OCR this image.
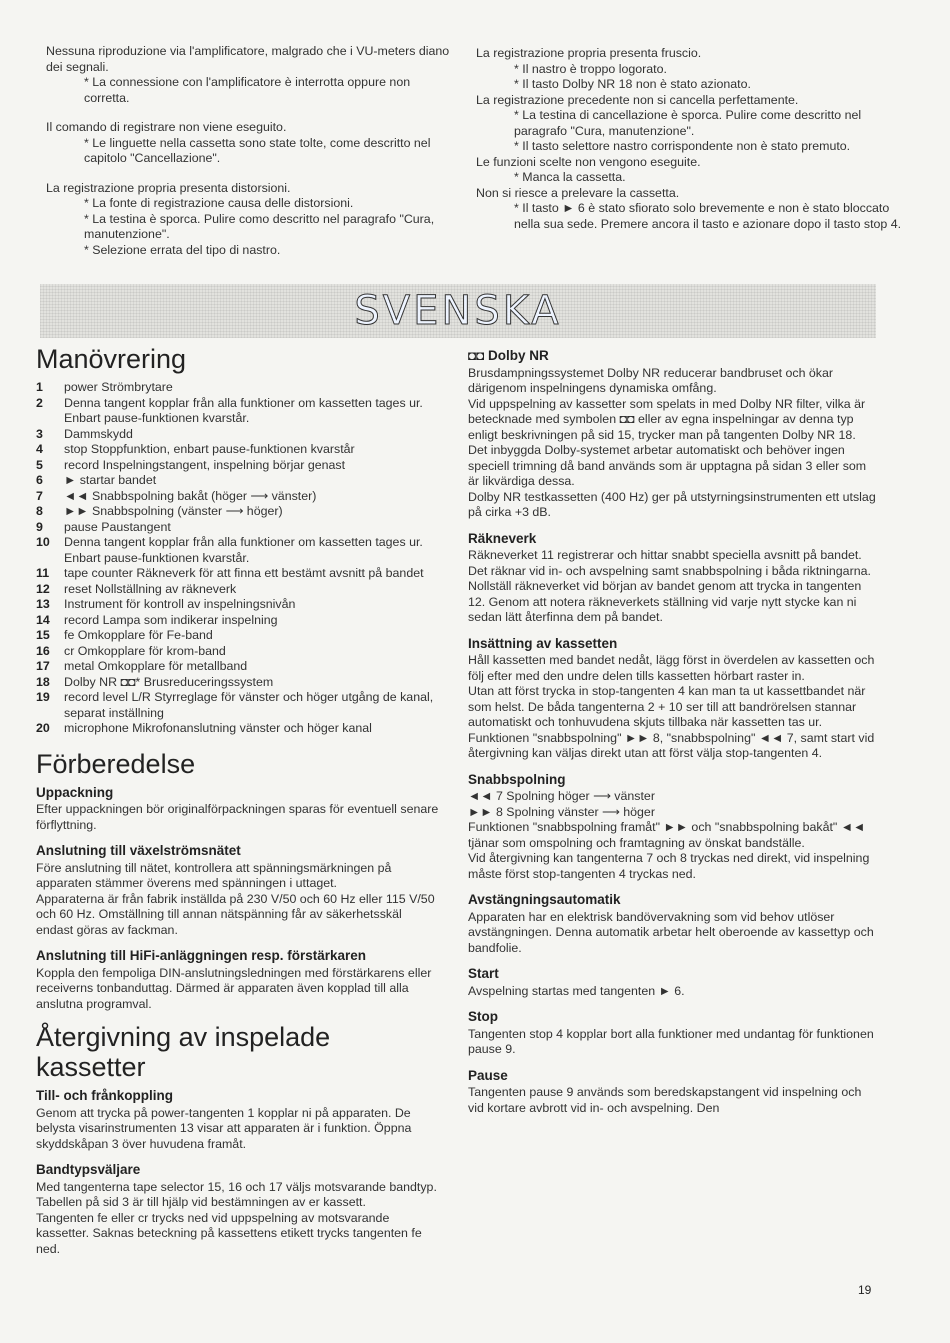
Nessuna riproduzione via l'amplificatore, malgrado che i VU-meters diano dei segnali.
* La connessione con l'amplificatore è interrotta oppure non corretta.
Il comando di registrare non viene eseguito.
* Le linguette nella cassetta sono state tolte, come descritto nel capitolo "Cancellazione".
La registrazione propria presenta distorsioni.
* La fonte di registrazione causa delle distorsioni.
* La testina è sporca. Pulire como descritto nel paragrafo "Cura, manutenzione".
* Selezione errata del tipo di nastro.
La registrazione propria presenta fruscio.
* Il nastro è troppo logorato.
* Il tasto Dolby NR 18 non è stato azionato.
La registrazione precedente non si cancella perfettamente.
* La testina di cancellazione è sporca. Pulire come descritto nel paragrafo "Cura, manutenzione".
* Il tasto selettore nastro corrispondente non è stato premuto.
Le funzioni scelte non vengono eseguite.
* Manca la cassetta.
Non si riesce a prelevare la cassetta.
* Il tasto ► 6 è stato sfiorato solo brevemente e non è stato bloccato nella sua sede. Premere ancora il tasto e azionare dopo il tasto stop 4.
SVENSKA
Manövrering
1	power Strömbrytare
2	Denna tangent kopplar från alla funktioner om kassetten tages ur. Enbart pause-funktionen kvarstår.
3	Dammskydd
4	stop Stoppfunktion, enbart pause-funktionen kvarstår
5	record Inspelningstangent, inspelning börjar genast
6	► startar bandet
7	◄◄ Snabbspolning bakåt (höger ⟶ vänster)
8	►► Snabbspolning (vänster ⟶ höger)
9	pause Paustangent
10	Denna tangent kopplar från alla funktioner om kassetten tages ur. Enbart pause-funktionen kvarstår.
11	tape counter Räkneverk för att finna ett bestämt avsnitt på bandet
12	reset Nollställning av räkneverk
13	Instrument för kontroll av inspelningsnivån
14	record Lampa som indikerar inspelning
15	fe Omkopplare för Fe-band
16	cr Omkopplare för krom-band
17	metal Omkopplare för metallband
18	Dolby NR ◘◘* Brusreduceringssystem
19	record level L/R Styrreglage för vänster och höger utgång de kanal, separat inställning
20	microphone Mikrofonanslutning vänster och höger kanal
Förberedelse
Uppackning
Efter uppackningen bör originalförpackningen sparas för eventuell senare förflyttning.
Anslutning till växelströmsnätet
Före anslutning till nätet, kontrollera att spänningsmärkningen på apparaten stämmer överens med spänningen i uttaget.
Apparaterna är från fabrik inställda på 230 V/50 och 60 Hz eller 115 V/50 och 60 Hz. Omställning till annan nätspänning får av säkerhetsskäl endast göras av fackman.
Anslutning till HiFi-anläggningen resp. förstärkaren
Koppla den fempoliga DIN-anslutningsledningen med förstärkarens eller receiverns tonbanduttag. Därmed är apparaten även kopplad till alla anslutna programval.
Återgivning av inspelade kassetter
Till- och frånkoppling
Genom att trycka på power-tangenten 1 kopplar ni på apparaten. De belysta visarinstrumenten 13 visar att apparaten är i funktion. Öppna skyddskåpan 3 över huvudena framåt.
Bandtypsväljare
Med tangenterna tape selector 15, 16 och 17 väljs motsvarande bandtyp. Tabellen på sid 3 är till hjälp vid bestämningen av er kassett.
Tangenten fe eller cr trycks ned vid uppspelning av motsvarande kassetter. Saknas beteckning på kassettens etikett trycks tangenten fe ned.
◘◘ Dolby NR
Brusdampningssystemet Dolby NR reducerar bandbruset och ökar därigenom inspelningens dynamiska omfång.
Vid uppspelning av kassetter som spelats in med Dolby NR filter, vilka är betecknade med symbolen ◘◘ eller av egna inspelningar av denna typ enligt beskrivningen på sid 15, trycker man på tangenten Dolby NR 18. Det inbyggda Dolby-systemet arbetar automatiskt och behöver ingen speciell trimning då band används som är upptagna på sidan 3 eller som är likvärdiga dessa.
Dolby NR testkassetten (400 Hz) ger på utstyrningsinstrumenten ett utslag på cirka +3 dB.
Räkneverk
Räkneverket 11 registrerar och hittar snabbt speciella avsnitt på bandet. Det räknar vid in- och avspelning samt snabbspolning i båda riktningarna.
Nollställ räkneverket vid början av bandet genom att trycka in tangenten 12. Genom att notera räkneverkets ställning vid varje nytt stycke kan ni sedan lätt återfinna dem på bandet.
Insättning av kassetten
Håll kassetten med bandet nedåt, lägg först in överdelen av kassetten och följ efter med den undre delen tills kassetten hörbart raster in.
Utan att först trycka in stop-tangenten 4 kan man ta ut kassettbandet när som helst. De båda tangenterna 2 + 10 ser till att bandrörelsen stannar automatiskt och tonhuvudena skjuts tillbaka när kassetten tas ur.
Funktionen "snabbspolning" ►► 8, "snabbspolning" ◄◄ 7, samt start vid återgivning kan väljas direkt utan att först välja stop-tangenten 4.
Snabbspolning
◄◄ 7 Spolning höger ⟶ vänster
►► 8 Spolning vänster ⟶ höger
Funktionen "snabbspolning framåt" ►► och "snabbspolning bakåt" ◄◄ tjänar som omspolning och framtagning av önskat bandställe.
Vid återgivning kan tangenterna 7 och 8 tryckas ned direkt, vid inspelning måste först stop-tangenten 4 tryckas ned.
Avstängningsautomatik
Apparaten har en elektrisk bandövervakning som vid behov utlöser avstängningen. Denna automatik arbetar helt oberoende av kassettyp och bandfolie.
Start
Avspelning startas med tangenten ► 6.
Stop
Tangenten stop 4 kopplar bort alla funktioner med undantag för funktionen pause 9.
Pause
Tangenten pause 9 används som beredskapstangent vid inspelning och vid kortare avbrott vid in- och avspelning. Den
19
